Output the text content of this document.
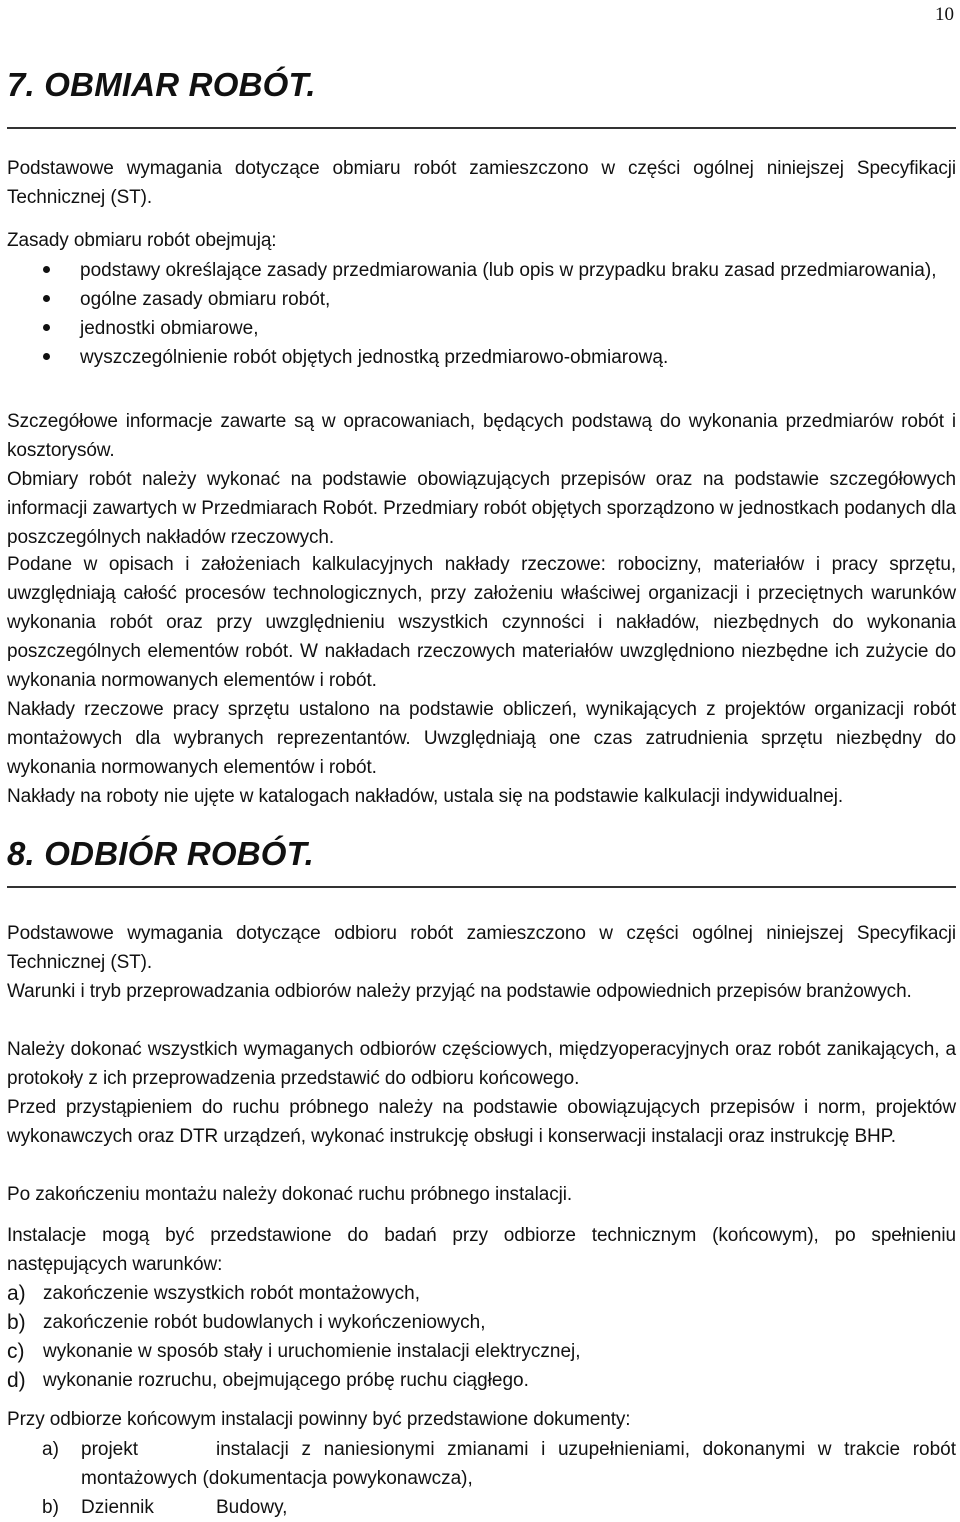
10
7. OBMIAR ROBÓT.

Podstawowe wymagania dotyczące obmiaru robót zamieszczono w części ogólnej niniejszej Specyfikacji Technicznej (ST).

Zasady obmiaru robót obejmują:

podstawy określające zasady przedmiarowania (lub opis w przypadku braku zasad przedmiarowania),
ogólne zasady obmiaru robót,
jednostki obmiarowe,
wyszczególnienie robót objętych jednostką przedmiarowo-obmiarową.

Szczegółowe informacje zawarte są w opracowaniach, będących podstawą do wykonania przedmiarów robót i kosztorysów.

Obmiary robót należy wykonać na podstawie obowiązujących przepisów oraz na podstawie szczegółowych informacji zawartych w Przedmiarach Robót. Przedmiary robót objętych sporządzono w jednostkach podanych dla poszczególnych nakładów rzeczowych.

Podane w opisach i założeniach kalkulacyjnych nakłady rzeczowe: robocizny, materiałów i pracy sprzętu, uwzględniają całość procesów technologicznych, przy założeniu właściwej organizacji i przeciętnych warunków wykonania robót oraz przy uwzględnieniu wszystkich czynności i nakładów, niezbędnych do wykonania poszczególnych elementów robót. W nakładach rzeczowych materiałów uwzględniono niezbędne ich zużycie do wykonania normowanych elementów i robót.

Nakłady rzeczowe pracy sprzętu ustalono na podstawie obliczeń, wynikających z projektów organizacji robót montażowych dla wybranych reprezentantów. Uwzględniają one czas zatrudnienia sprzętu niezbędny do wykonania normowanych elementów i robót.

Nakłady na roboty nie ujęte w katalogach nakładów, ustala się na podstawie kalkulacji indywidualnej.

8. ODBIÓR ROBÓT.

Podstawowe wymagania dotyczące odbioru robót zamieszczono w części ogólnej niniejszej Specyfikacji Technicznej (ST).

Warunki i tryb przeprowadzania odbiorów należy przyjąć na podstawie odpowiednich przepisów branżowych.

Należy dokonać wszystkich wymaganych odbiorów częściowych, międzyoperacyjnych oraz robót zanikających, a protokoły z ich przeprowadzenia przedstawić do odbioru końcowego.

Przed przystąpieniem do ruchu próbnego należy na podstawie obowiązujących przepisów i norm, projektów wykonawczych oraz DTR urządzeń, wykonać instrukcję obsługi i konserwacji instalacji oraz instrukcję BHP.

Po zakończeniu montażu należy dokonać ruchu próbnego instalacji.

Instalacje mogą być przedstawione do badań przy odbiorze technicznym (końcowym), po spełnieniu następujących warunków:

a) zakończenie wszystkich robót montażowych,
b) zakończenie robót budowlanych i wykończeniowych,
c) wykonanie w sposób stały i uruchomienie instalacji elektrycznej,
d) wykonanie rozruchu, obejmującego próbę ruchu ciągłego.

Przy odbiorze końcowym instalacji powinny być przedstawione dokumenty:

a) projekt	instalacji z naniesionymi zmianami i uzupełnieniami, dokonanymi w trakcie robót montażowych (dokumentacja powykonawcza),
b) Dziennik	Budowy,
